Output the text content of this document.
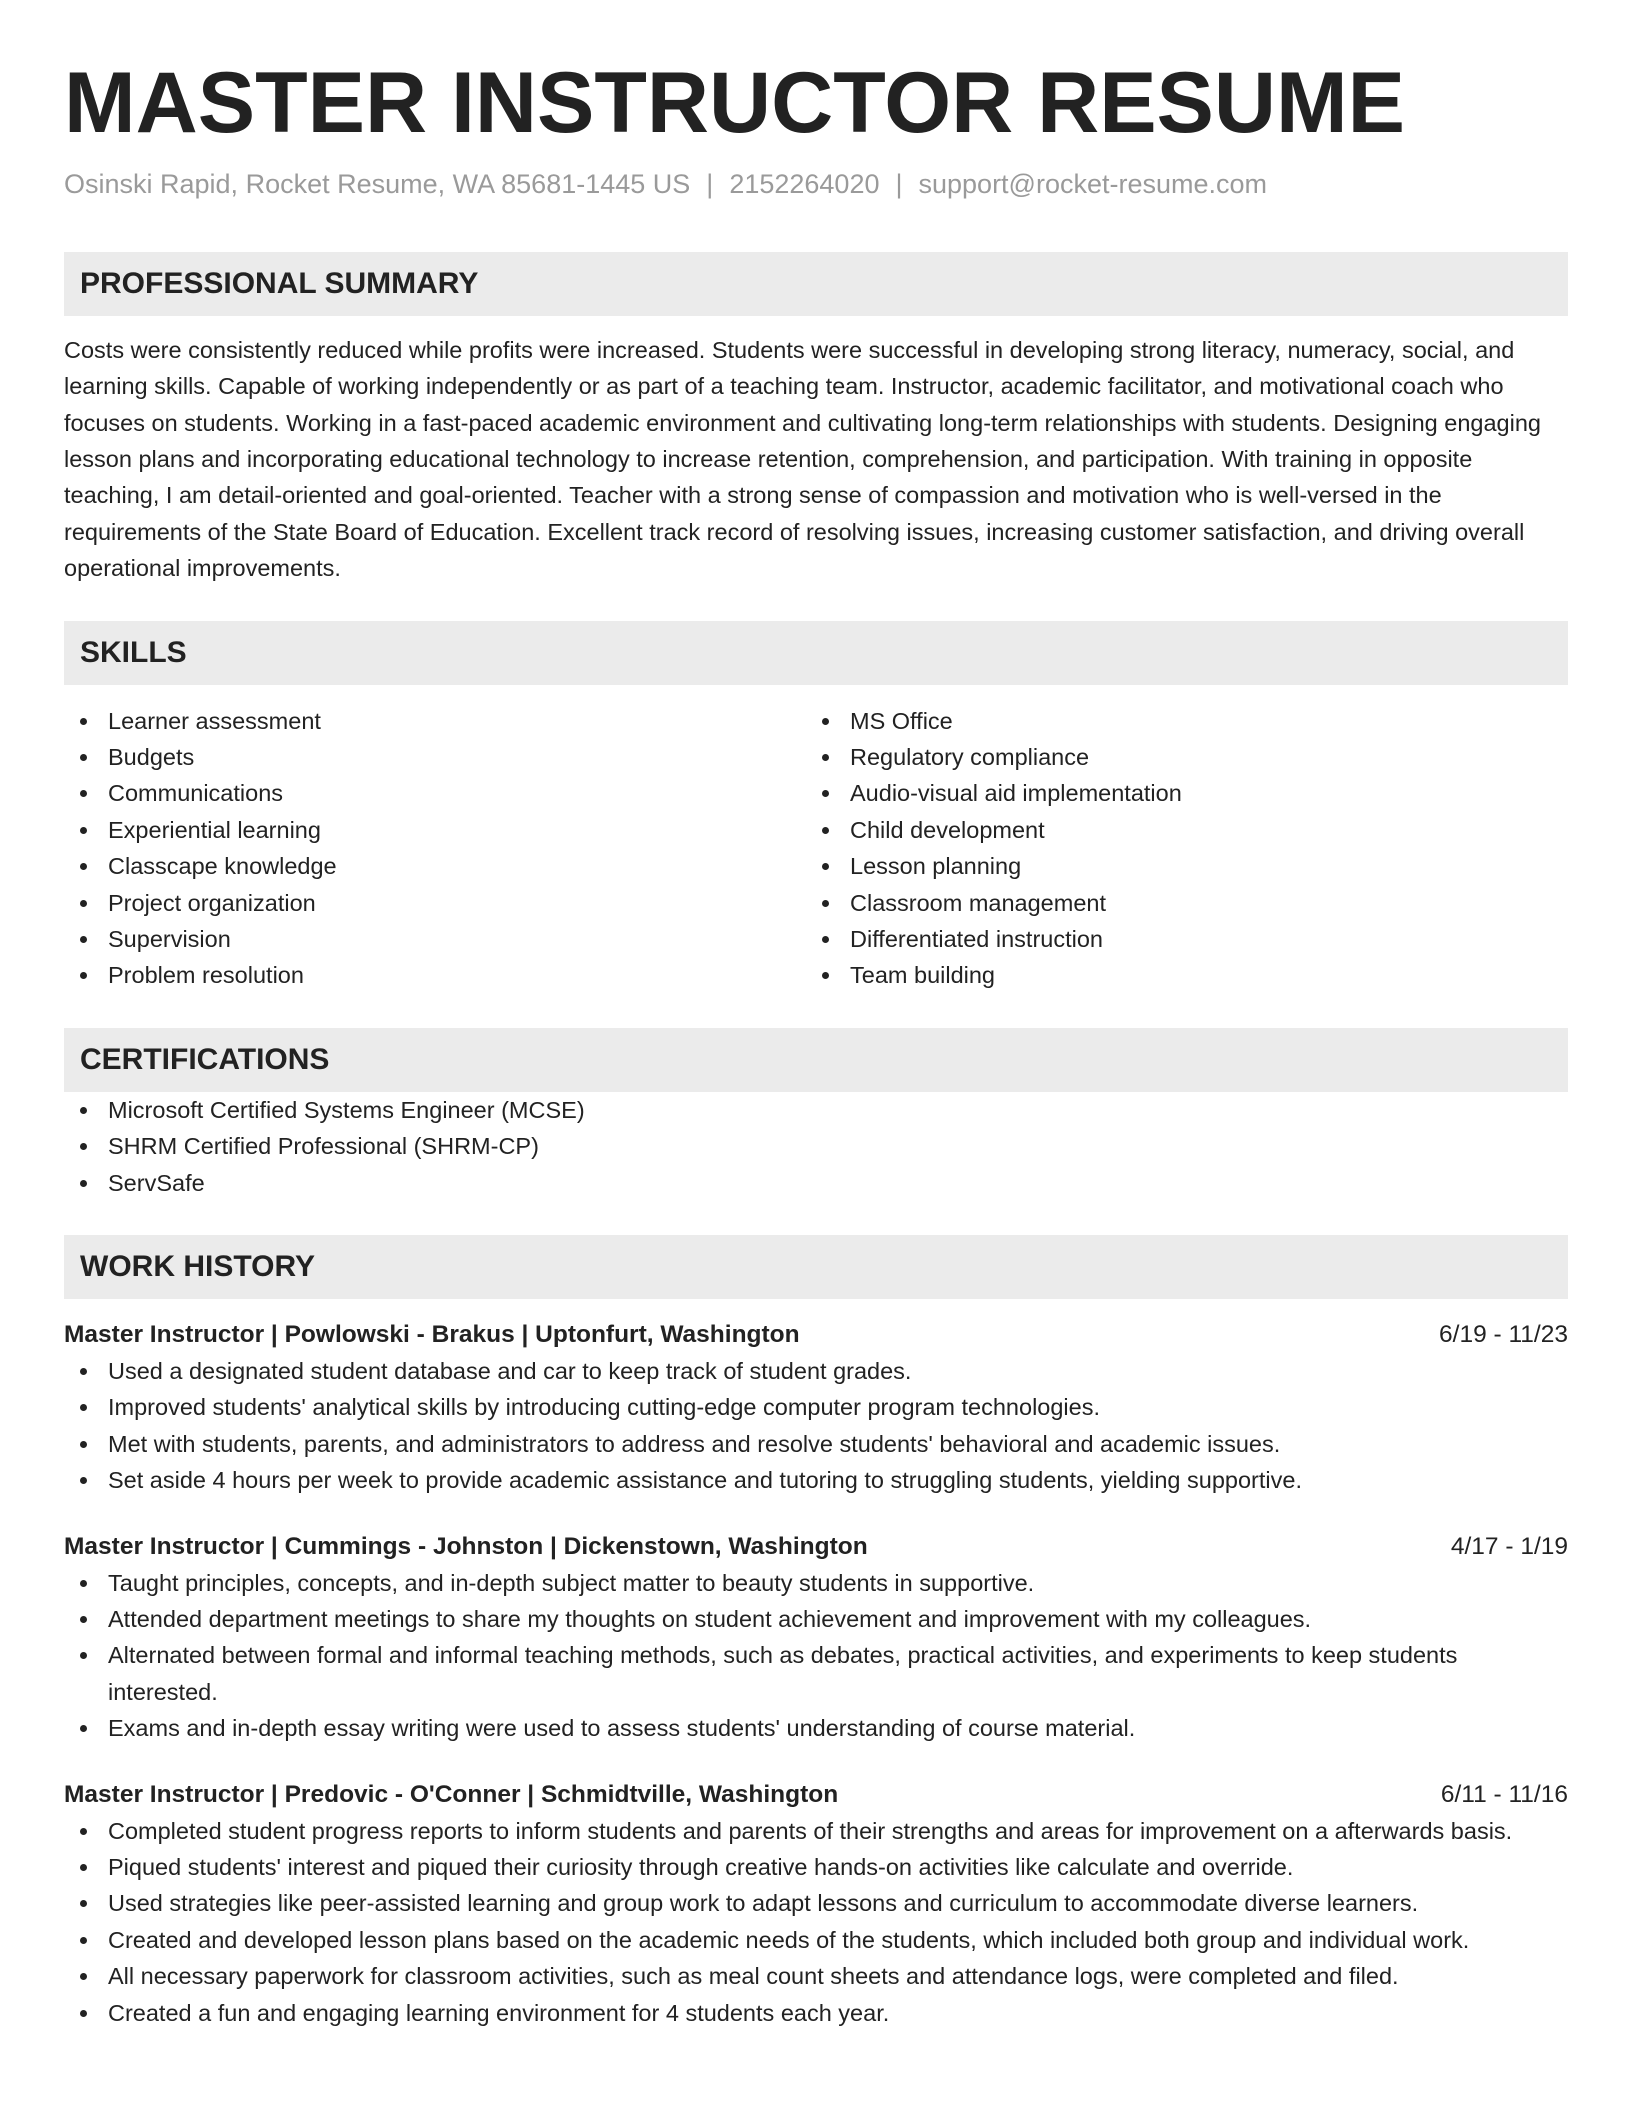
MASTER INSTRUCTOR RESUME
Osinski Rapid, Rocket Resume, WA 85681-1445 US | 2152264020 | support@rocket-resume.com
PROFESSIONAL SUMMARY

Costs were consistently reduced while profits were increased. Students were successful in developing strong literacy, numeracy, social, and learning skills. Capable of working independently or as part of a teaching team. Instructor, academic facilitator, and motivational coach who focuses on students. Working in a fast-paced academic environment and cultivating long-term relationships with students. Designing engaging lesson plans and incorporating educational technology to increase retention, comprehension, and participation. With training in opposite teaching, I am detail-oriented and goal-oriented. Teacher with a strong sense of compassion and motivation who is well-versed in the requirements of the State Board of Education. Excellent track record of resolving issues, increasing customer satisfaction, and driving overall operational improvements.

SKILLS
Learner assessment
Budgets
Communications
Experiential learning
Classcape knowledge
Project organization
Supervision
Problem resolution
MS Office
Regulatory compliance
Audio-visual aid implementation
Child development
Lesson planning
Classroom management
Differentiated instruction
Team building
CERTIFICATIONS
Microsoft Certified Systems Engineer (MCSE)
SHRM Certified Professional (SHRM-CP)
ServSafe
WORK HISTORY
Master Instructor | Powlowski - Brakus | Uptonfurt, Washington	6/19 - 11/23
Used a designated student database and car to keep track of student grades.
Improved students' analytical skills by introducing cutting-edge computer program technologies.
Met with students, parents, and administrators to address and resolve students' behavioral and academic issues.
Set aside 4 hours per week to provide academic assistance and tutoring to struggling students, yielding supportive.
Master Instructor | Cummings - Johnston | Dickenstown, Washington	4/17 - 1/19
Taught principles, concepts, and in-depth subject matter to beauty students in supportive.
Attended department meetings to share my thoughts on student achievement and improvement with my colleagues.
Alternated between formal and informal teaching methods, such as debates, practical activities, and experiments to keep students interested.
Exams and in-depth essay writing were used to assess students' understanding of course material.
Master Instructor | Predovic - O'Conner | Schmidtville, Washington	6/11 - 11/16
Completed student progress reports to inform students and parents of their strengths and areas for improvement on a afterwards basis.
Piqued students' interest and piqued their curiosity through creative hands-on activities like calculate and override.
Used strategies like peer-assisted learning and group work to adapt lessons and curriculum to accommodate diverse learners.
Created and developed lesson plans based on the academic needs of the students, which included both group and individual work.
All necessary paperwork for classroom activities, such as meal count sheets and attendance logs, were completed and filed.
Created a fun and engaging learning environment for 4 students each year.
